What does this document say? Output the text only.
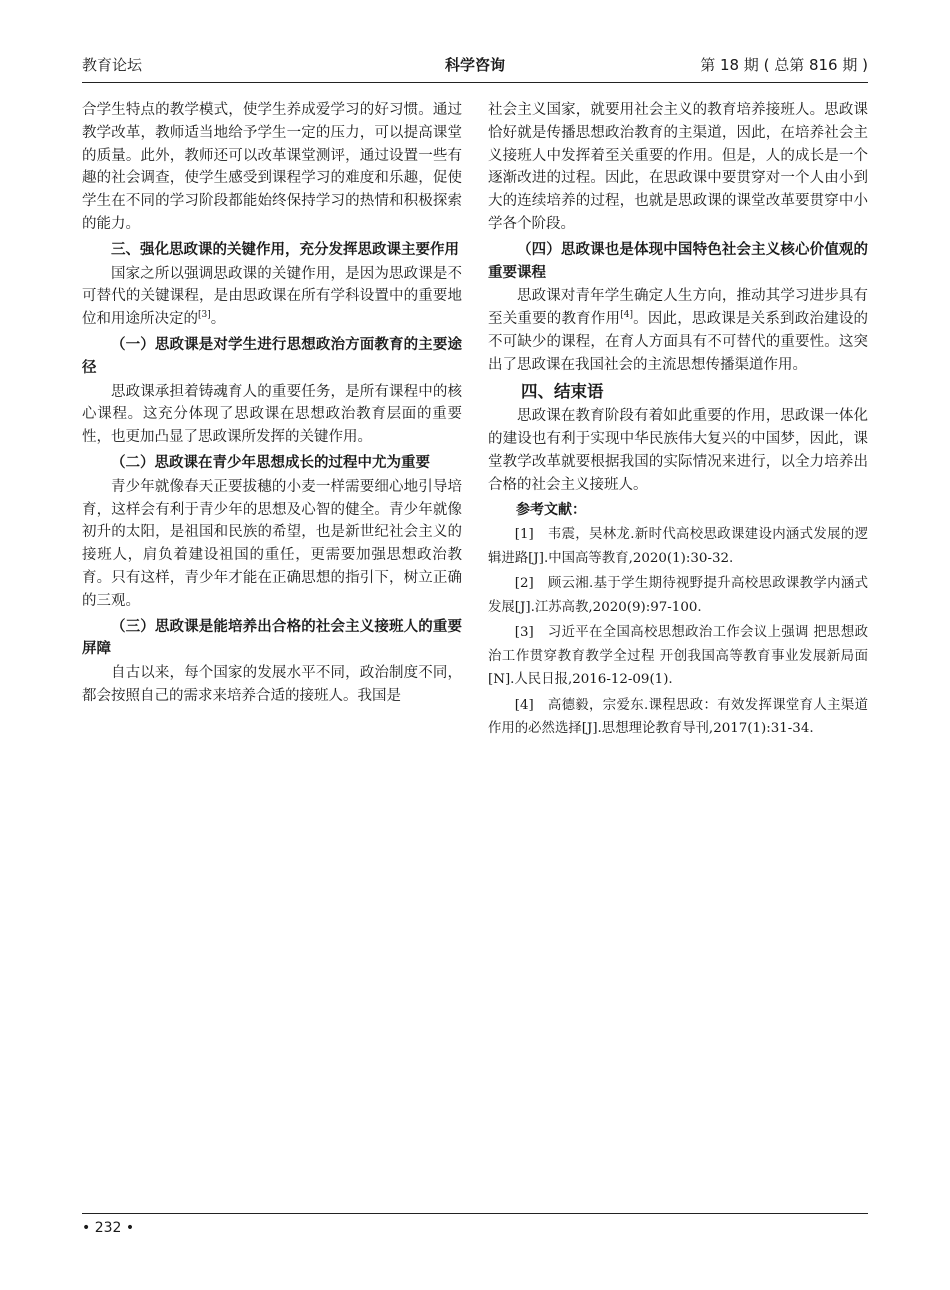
教育论坛	科学咨询	第 18 期 ( 总第 816 期 )

合学生特点的教学模式，使学生养成爱学习的好习惯。通过教学改革，教师适当地给予学生一定的压力，可以提高课堂的质量。此外，教师还可以改革课堂测评，通过设置一些有趣的社会调查，使学生感受到课程学习的难度和乐趣，促使学生在不同的学习阶段都能始终保持学习的热情和积极探索的能力。

三、强化思政课的关键作用，充分发挥思政课主要作用

国家之所以强调思政课的关键作用，是因为思政课是不可替代的关键课程，是由思政课在所有学科设置中的重要地位和用途所决定的[3]。

（一）思政课是对学生进行思想政治方面教育的主要途径

思政课承担着铸魂育人的重要任务，是所有课程中的核心课程。这充分体现了思政课在思想政治教育层面的重要性，也更加凸显了思政课所发挥的关键作用。

（二）思政课在青少年思想成长的过程中尤为重要

青少年就像春天正要拔穗的小麦一样需要细心地引导培育，这样会有利于青少年的思想及心智的健全。青少年就像初升的太阳，是祖国和民族的希望，也是新世纪社会主义的接班人，肩负着建设祖国的重任，更需要加强思想政治教育。只有这样，青少年才能在正确思想的指引下，树立正确的三观。

（三）思政课是能培养出合格的社会主义接班人的重要屏障

自古以来，每个国家的发展水平不同，政治制度不同，都会按照自己的需求来培养合适的接班人。我国是

社会主义国家，就要用社会主义的教育培养接班人。思政课恰好就是传播思想政治教育的主渠道，因此，在培养社会主义接班人中发挥着至关重要的作用。但是，人的成长是一个逐渐改进的过程。因此，在思政课中要贯穿对一个人由小到大的连续培养的过程，也就是思政课的课堂改革要贯穿中小学各个阶段。

（四）思政课也是体现中国特色社会主义核心价值观的重要课程

思政课对青年学生确定人生方向，推动其学习进步具有至关重要的教育作用[4]。因此，思政课是关系到政治建设的不可缺少的课程，在育人方面具有不可替代的重要性。这突出了思政课在我国社会的主流思想传播渠道作用。

四、结束语

思政课在教育阶段有着如此重要的作用，思政课一体化的建设也有利于实现中华民族伟大复兴的中国梦，因此，课堂教学改革就要根据我国的实际情况来进行，以全力培养出合格的社会主义接班人。

参考文献：

[1]　韦震，吴林龙.新时代高校思政课建设内涵式发展的逻辑进路[J].中国高等教育,2020(1):30-32.

[2]　顾云湘.基于学生期待视野提升高校思政课教学内涵式发展[J].江苏高教,2020(9):97-100.

[3]　习近平在全国高校思想政治工作会议上强调 把思想政治工作贯穿教育教学全过程 开创我国高等教育事业发展新局面[N].人民日报,2016-12-09(1).

[4]　高德毅，宗爱东.课程思政：有效发挥课堂育人主渠道作用的必然选择[J].思想理论教育导刊,2017(1):31-34.

• 232 •
